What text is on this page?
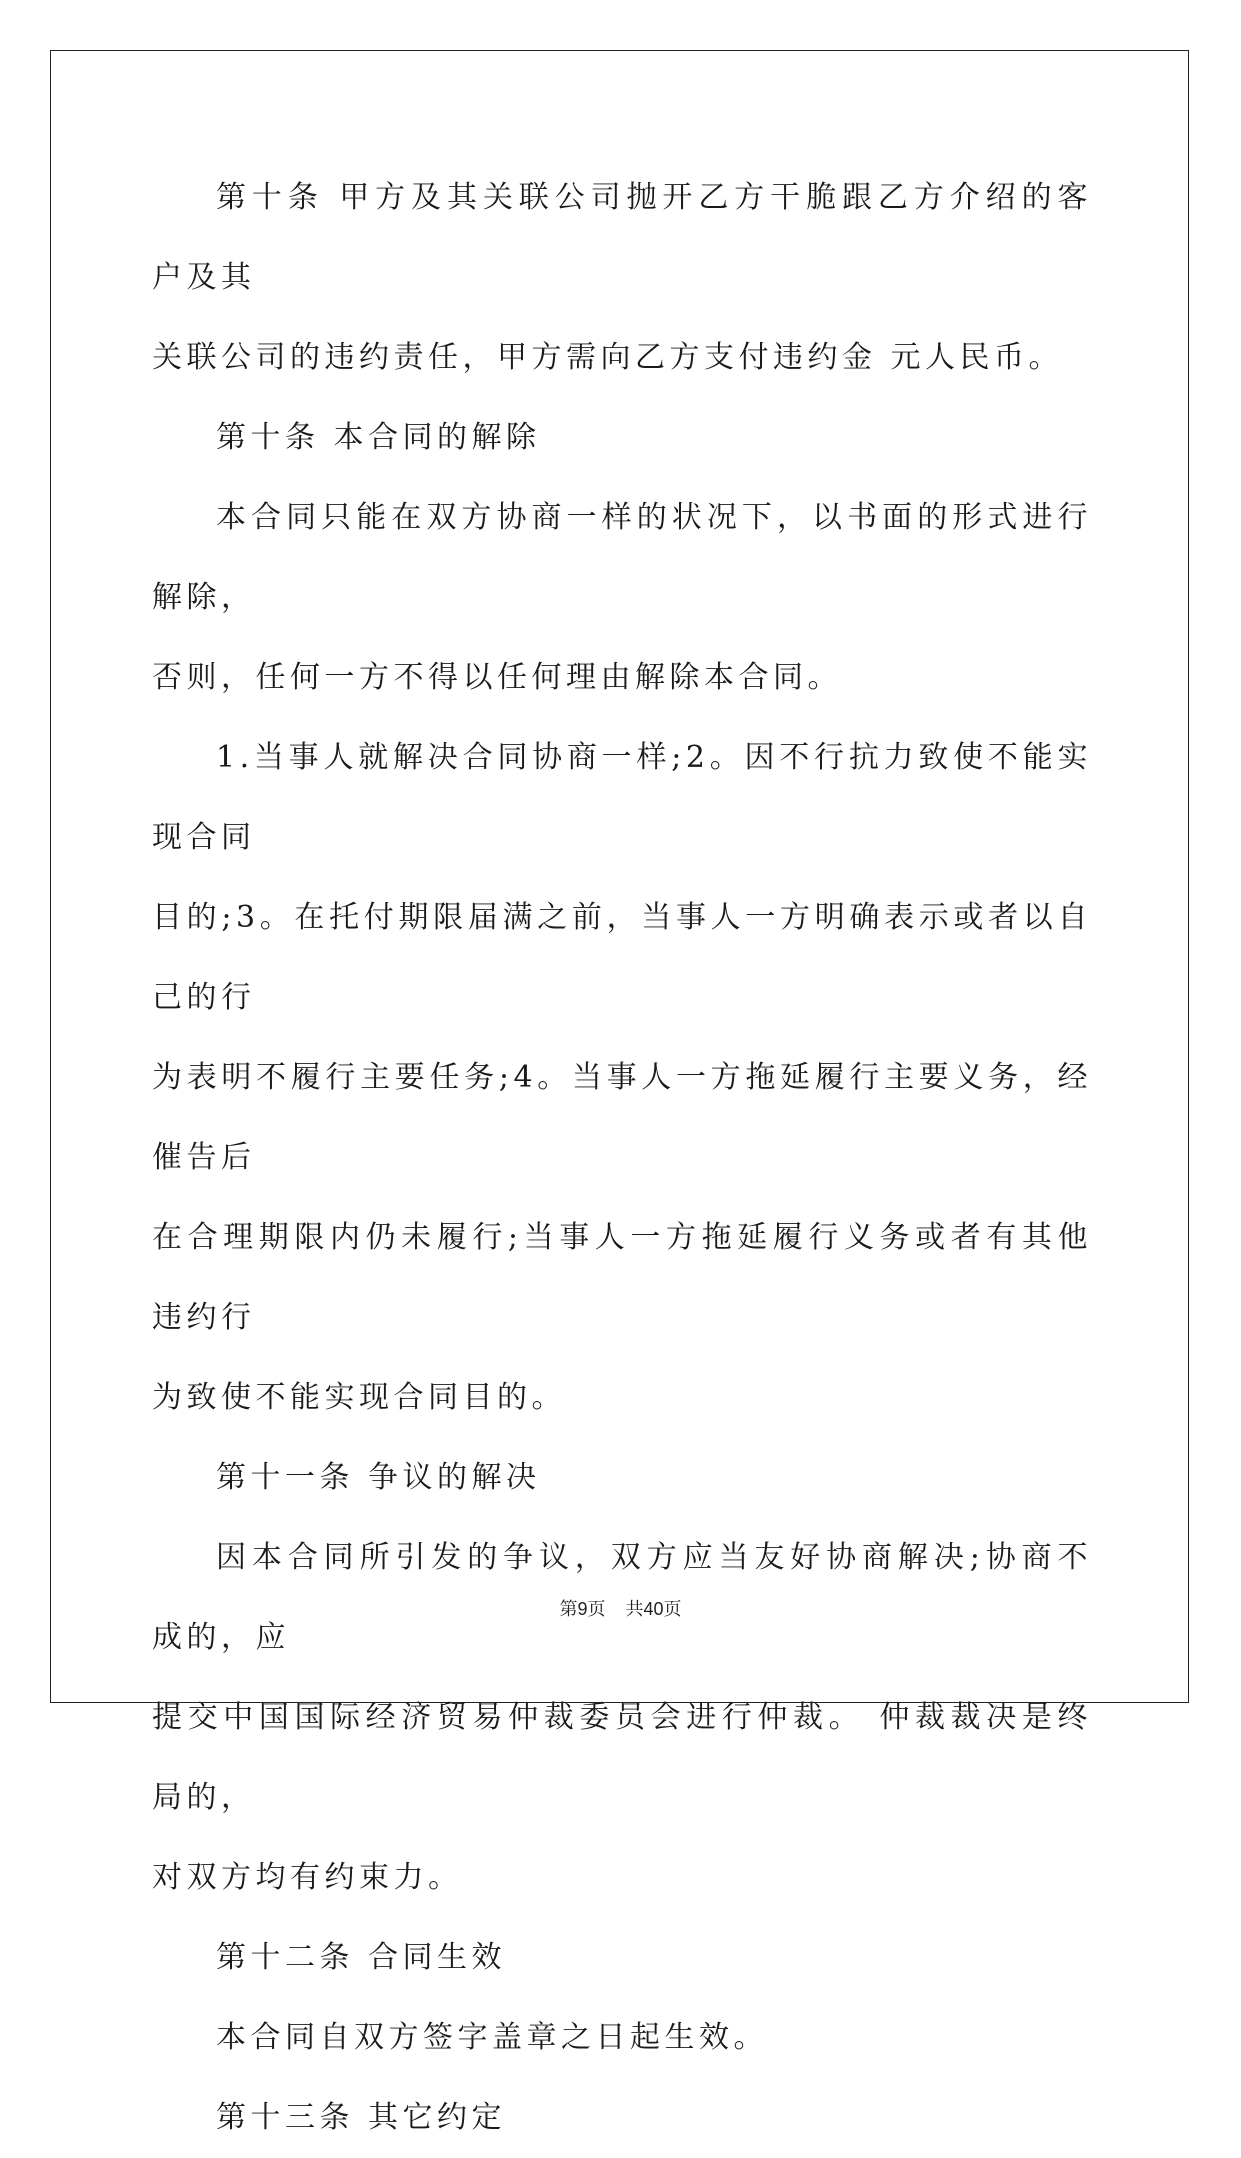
第十条 甲方及其关联公司抛开乙方干脆跟乙方介绍的客户及其
关联公司的违约责任，甲方需向乙方支付违约金 元人民币。

第十条 本合同的解除

本合同只能在双方协商一样的状况下，以书面的形式进行解除，
否则，任何一方不得以任何理由解除本合同。

1.当事人就解决合同协商一样;2。因不行抗力致使不能实现合同
目的;3。在托付期限届满之前，当事人一方明确表示或者以自己的行
为表明不履行主要任务;4。当事人一方拖延履行主要义务，经催告后
在合理期限内仍未履行;当事人一方拖延履行义务或者有其他违约行
为致使不能实现合同目的。

第十一条 争议的解决

因本合同所引发的争议，双方应当友好协商解决;协商不成的，应
提交中国国际经济贸易仲裁委员会进行仲裁。 仲裁裁决是终局的，
对双方均有约束力。

第十二条 合同生效

本合同自双方签字盖章之日起生效。

第十三条 其它约定

第9页 共40页
